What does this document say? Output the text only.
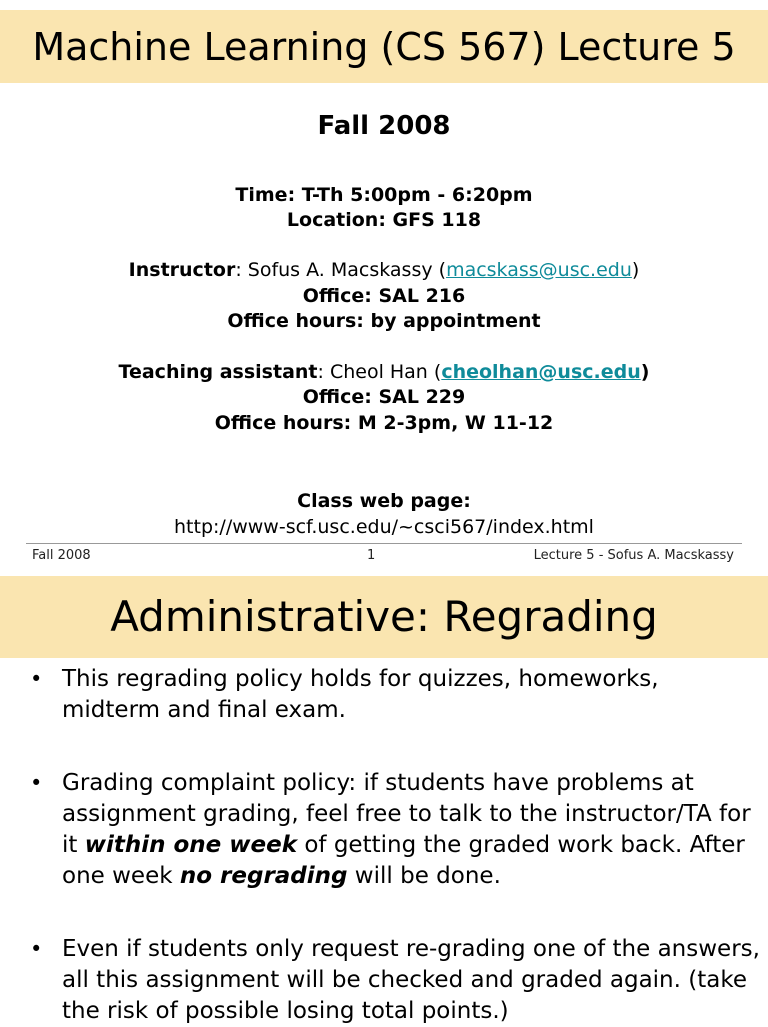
Machine Learning (CS 567) Lecture 5
Fall 2008
Time: T-Th 5:00pm - 6:20pm
Location: GFS 118
Instructor: Sofus A. Macskassy (macskass@usc.edu)
Office: SAL 216
Office hours: by appointment
Teaching assistant: Cheol Han (cheolhan@usc.edu)
Office: SAL 229
Office hours: M 2-3pm, W 11-12
Class web page:
http://www-scf.usc.edu/~csci567/index.html
Fall 2008	1	Lecture 5 - Sofus A. Macskassy
Administrative: Regrading
• This regrading policy holds for quizzes, homeworks, midterm and final exam.
• Grading complaint policy: if students have problems at assignment grading, feel free to talk to the instructor/TA for it within one week of getting the graded work back. After one week no regrading will be done.
• Even if students only request re-grading one of the answers, all this assignment will be checked and graded again. (take the risk of possible losing total points.)
